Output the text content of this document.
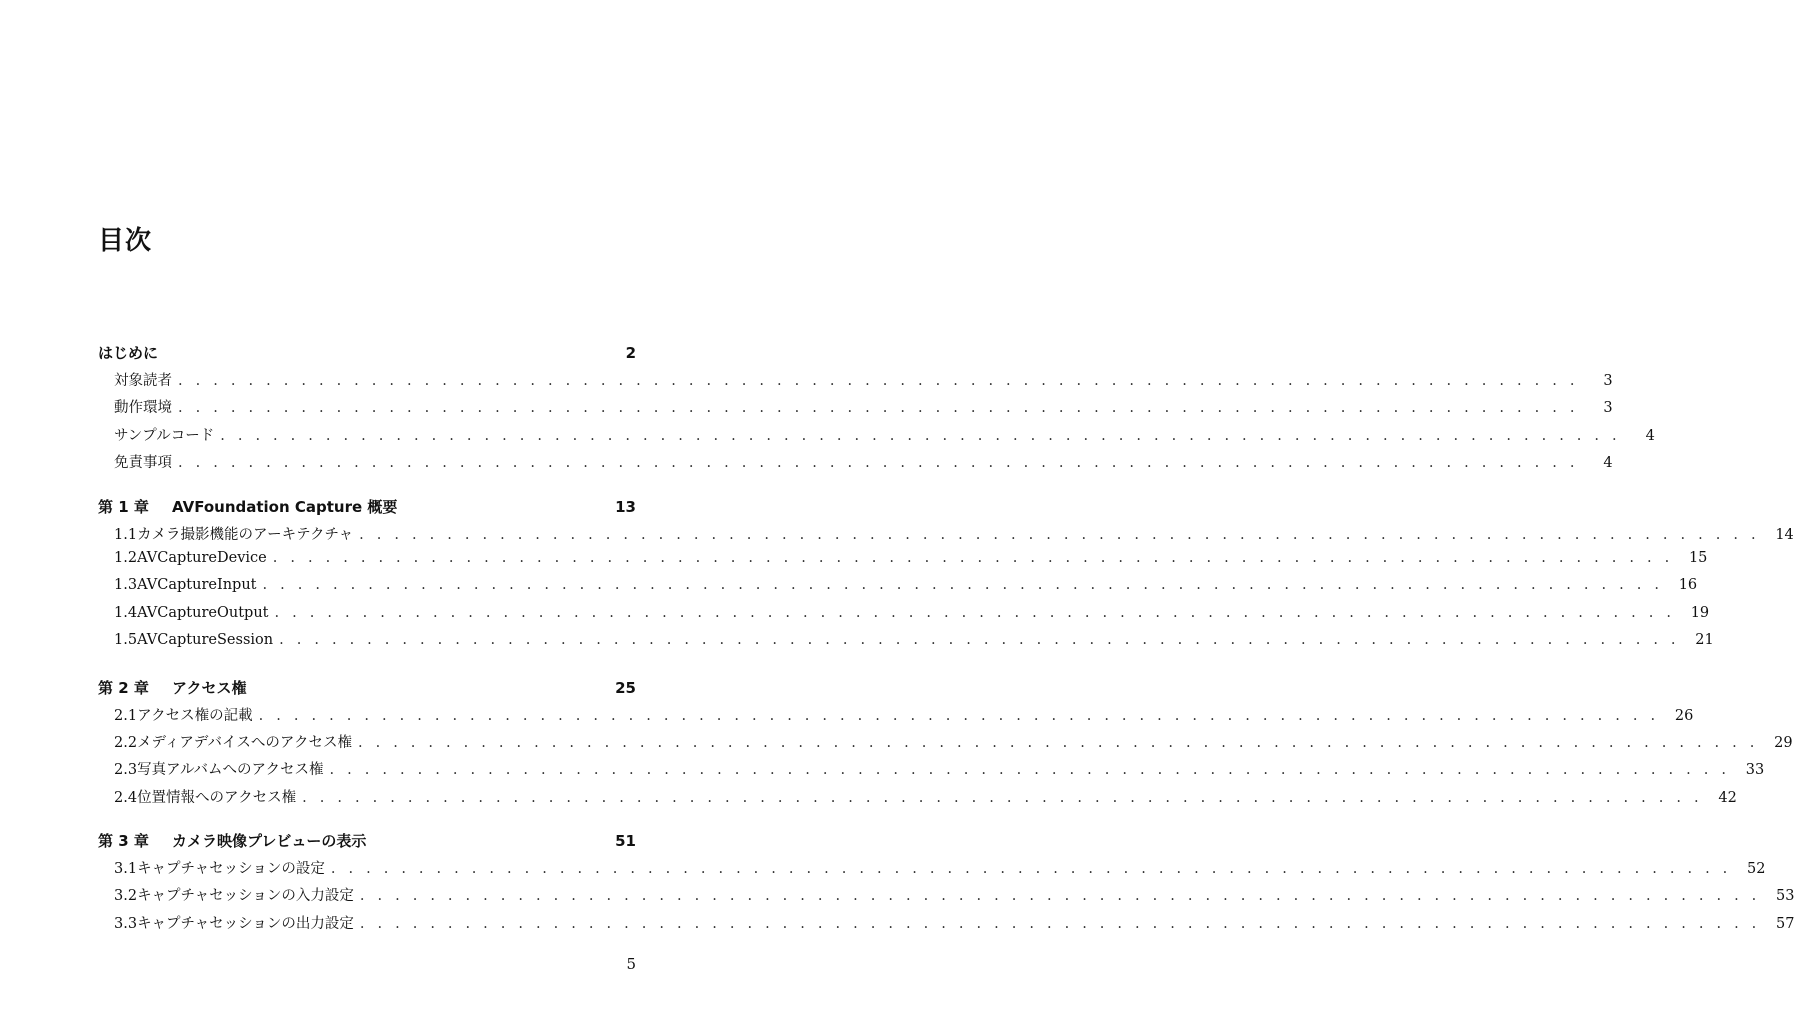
目次
はじめに	2
対象読者 . . . . . . . . . . . . . . . . . . . . . . . . . . . . . . . . . . . . . . . . . . . . . . . . . . . . . . . . . . . . . . . . . . . . . . . . . . . . . . . .	3
動作環境 . . . . . . . . . . . . . . . . . . . . . . . . . . . . . . . . . . . . . . . . . . . . . . . . . . . . . . . . . . . . . . . . . . . . . . . . . . . . . . . .	3
サンプルコード . . . . . . . . . . . . . . . . . . . . . . . . . . . . . . . . . . . . . . . . . . . . . . . . . . . . . . . . . . . . . . . . . . . . . . . . . . . . . . . .	4
免責事項 . . . . . . . . . . . . . . . . . . . . . . . . . . . . . . . . . . . . . . . . . . . . . . . . . . . . . . . . . . . . . . . . . . . . . . . . . . . . . . . .	4
第 1 章	AVFoundation Capture 概要	13
1.1 カメラ撮影機能のアーキテクチャ . . . . . . . . . . . . . . . . . . . . . . . . . . . . . . . . . . . . . . . . . . . . . . . . . . . . . . . . . . . . . . . . . . . . . . . . . . . . . . . .	14
1.2 AVCaptureDevice . . . . . . . . . . . . . . . . . . . . . . . . . . . . . . . . . . . . . . . . . . . . . . . . . . . . . . . . . . . . . . . . . . . . . . . . . . . . . . . .	15
1.3 AVCaptureInput . . . . . . . . . . . . . . . . . . . . . . . . . . . . . . . . . . . . . . . . . . . . . . . . . . . . . . . . . . . . . . . . . . . . . . . . . . . . . . . .	16
1.4 AVCaptureOutput . . . . . . . . . . . . . . . . . . . . . . . . . . . . . . . . . . . . . . . . . . . . . . . . . . . . . . . . . . . . . . . . . . . . . . . . . . . . . . . .	19
1.5 AVCaptureSession . . . . . . . . . . . . . . . . . . . . . . . . . . . . . . . . . . . . . . . . . . . . . . . . . . . . . . . . . . . . . . . . . . . . . . . . . . . . . . . .	21
第 2 章	アクセス権	25
2.1 アクセス権の記載 . . . . . . . . . . . . . . . . . . . . . . . . . . . . . . . . . . . . . . . . . . . . . . . . . . . . . . . . . . . . . . . . . . . . . . . . . . . . . . . .	26
2.2 メディアデバイスへのアクセス権 . . . . . . . . . . . . . . . . . . . . . . . . . . . . . . . . . . . . . . . . . . . . . . . . . . . . . . . . . . . . . . . . . . . . . . . . . . . . . . . .	29
2.3 写真アルバムへのアクセス権 . . . . . . . . . . . . . . . . . . . . . . . . . . . . . . . . . . . . . . . . . . . . . . . . . . . . . . . . . . . . . . . . . . . . . . . . . . . . . . . .	33
2.4 位置情報へのアクセス権 . . . . . . . . . . . . . . . . . . . . . . . . . . . . . . . . . . . . . . . . . . . . . . . . . . . . . . . . . . . . . . . . . . . . . . . . . . . . . . . .	42
第 3 章	カメラ映像プレビューの表示	51
3.1 キャプチャセッションの設定 . . . . . . . . . . . . . . . . . . . . . . . . . . . . . . . . . . . . . . . . . . . . . . . . . . . . . . . . . . . . . . . . . . . . . . . . . . . . . . . .	52
3.2 キャプチャセッションの入力設定 . . . . . . . . . . . . . . . . . . . . . . . . . . . . . . . . . . . . . . . . . . . . . . . . . . . . . . . . . . . . . . . . . . . . . . . . . . . . . . . .	53
3.3 キャプチャセッションの出力設定 . . . . . . . . . . . . . . . . . . . . . . . . . . . . . . . . . . . . . . . . . . . . . . . . . . . . . . . . . . . . . . . . . . . . . . . . . . . . . . . .	57
5
